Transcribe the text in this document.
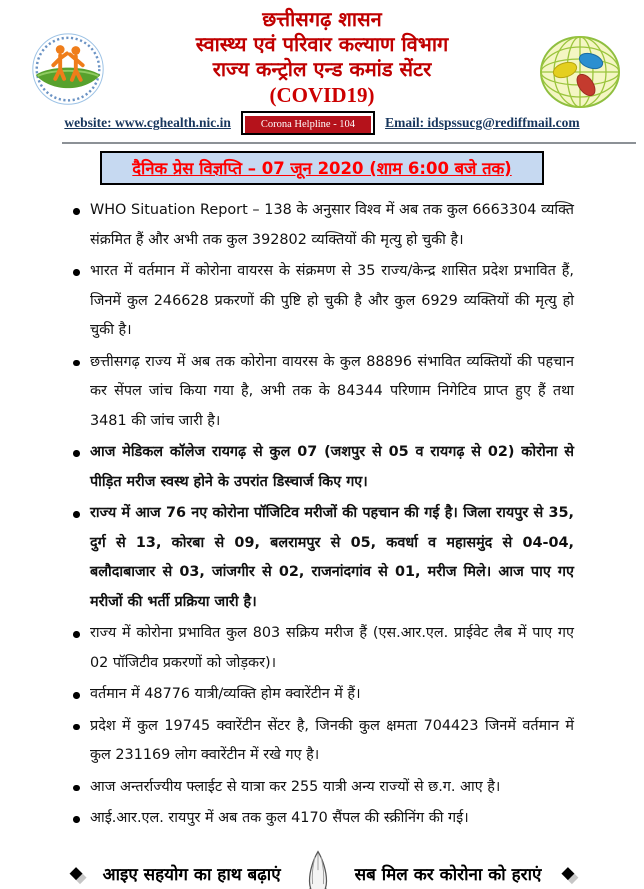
छत्तीसगढ़ शासन
स्वास्थ्य एवं परिवार कल्याण विभाग
राज्य कन्ट्रोल एन्ड कमांड सेंटर
(COVID19)
website: www.cghealth.nic.in	Corona Helpline - 104	Email: idspssucg@rediffmail.com
दैनिक प्रेस विज्ञप्ति – 07 जून 2020 (शाम 6:00 बजे तक)
WHO Situation Report – 138 के अनुसार विश्व में अब तक कुल 6663304 व्यक्ति संक्रमित हैं और अभी तक कुल 392802 व्यक्तियों की मृत्यु हो चुकी है।
भारत में वर्तमान में कोरोना वायरस के संक्रमण से 35 राज्य/केन्द्र शासित प्रदेश प्रभावित हैं, जिनमें कुल 246628 प्रकरणों की पुष्टि हो चुकी है और कुल 6929 व्यक्तियों की मृत्यु हो चुकी है।
छत्तीसगढ़ राज्य में अब तक कोरोना वायरस के कुल 88896 संभावित व्यक्तियों की पहचान कर सेंपल जांच किया गया है, अभी तक के 84344 परिणाम निगेटिव प्राप्त हुए हैं तथा 3481 की जांच जारी है।
आज मेडिकल कॉलेज रायगढ़ से कुल 07 (जशपुर से 05 व रायगढ़ से 02) कोरोना से पीड़ित मरीज स्वस्थ होने के उपरांत डिस्चार्ज किए गए।
राज्य में आज 76 नए कोरोना पॉजिटिव मरीजों की पहचान की गई है। जिला रायपुर से 35, दुर्ग से 13, कोरबा से 09, बलरामपुर से 05, कवर्धा व महासमुंद से 04-04, बलौदाबाजार से 03, जांजगीर से 02, राजनांदगांव से 01, मरीज मिले। आज पाए गए मरीजों की भर्ती प्रक्रिया जारी है।
राज्य में कोरोना प्रभावित कुल 803 सक्रिय मरीज हैं (एस.आर.एल. प्राईवेट लैब में पाए गए 02 पॉजिटीव प्रकरणों को जोड़कर)।
वर्तमान में 48776 यात्री/व्यक्ति होम क्वारेंटीन में हैं।
प्रदेश में कुल 19745 क्वारेंटीन सेंटर है, जिनकी कुल क्षमता 704423 जिनमें वर्तमान में कुल 231169 लोग क्वारेंटीन में रखे गए है।
आज अन्तर्राज्यीय फ्लाईट से यात्रा कर 255 यात्री अन्य राज्यों से छ.ग. आए है।
आई.आर.एल. रायपुर में अब तक कुल 4170 सैंपल की स्क्रीनिंग की गई।
◆ आइए सहयोग का हाथ बढ़ाएं	सब मिल कर कोरोना को हराएं ◆
